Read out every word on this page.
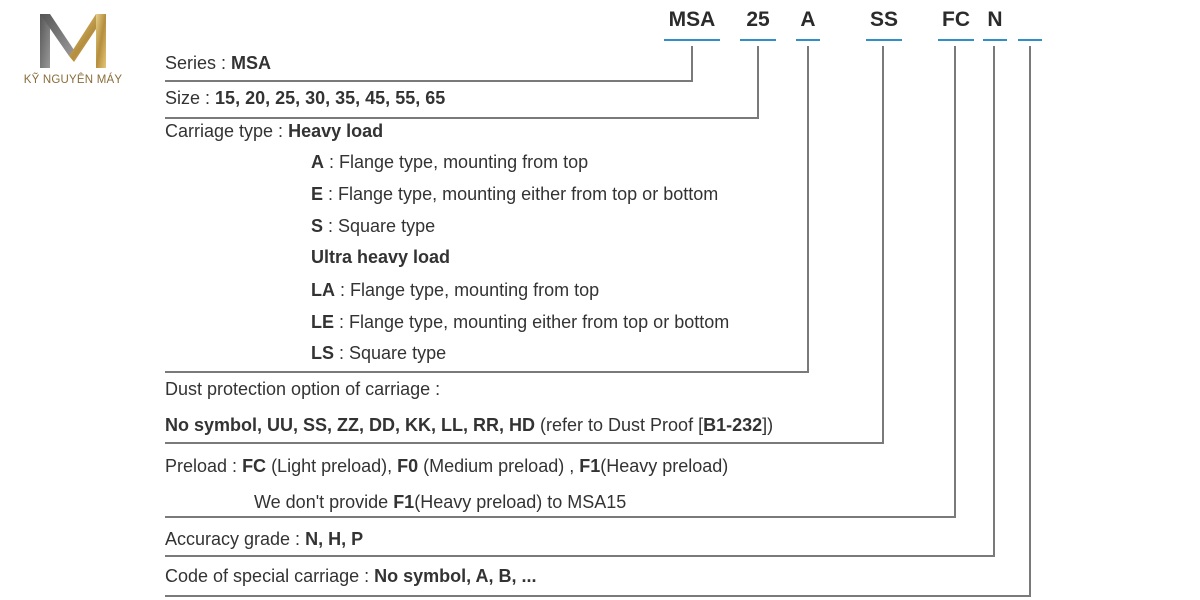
KỸ NGUYÊN MÁY
MSA	25	A	SS FC N
Series : MSA
Size : 15, 20, 25, 30, 35, 45, 55, 65
Carriage type : Heavy load
A : Flange type, mounting from top
E : Flange type, mounting either from top or bottom
S : Square type
Ultra heavy load
LA : Flange type, mounting from top
LE : Flange type, mounting either from top or bottom
LS : Square type
Dust protection option of carriage :
No symbol, UU, SS, ZZ, DD, KK, LL, RR, HD (refer to Dust Proof [B1-232])
Preload : FC (Light preload), F0 (Medium preload) , F1(Heavy preload)
We don't provide F1(Heavy preload) to MSA15
Accuracy grade : N, H, P
Code of special carriage : No symbol, A, B, ...
